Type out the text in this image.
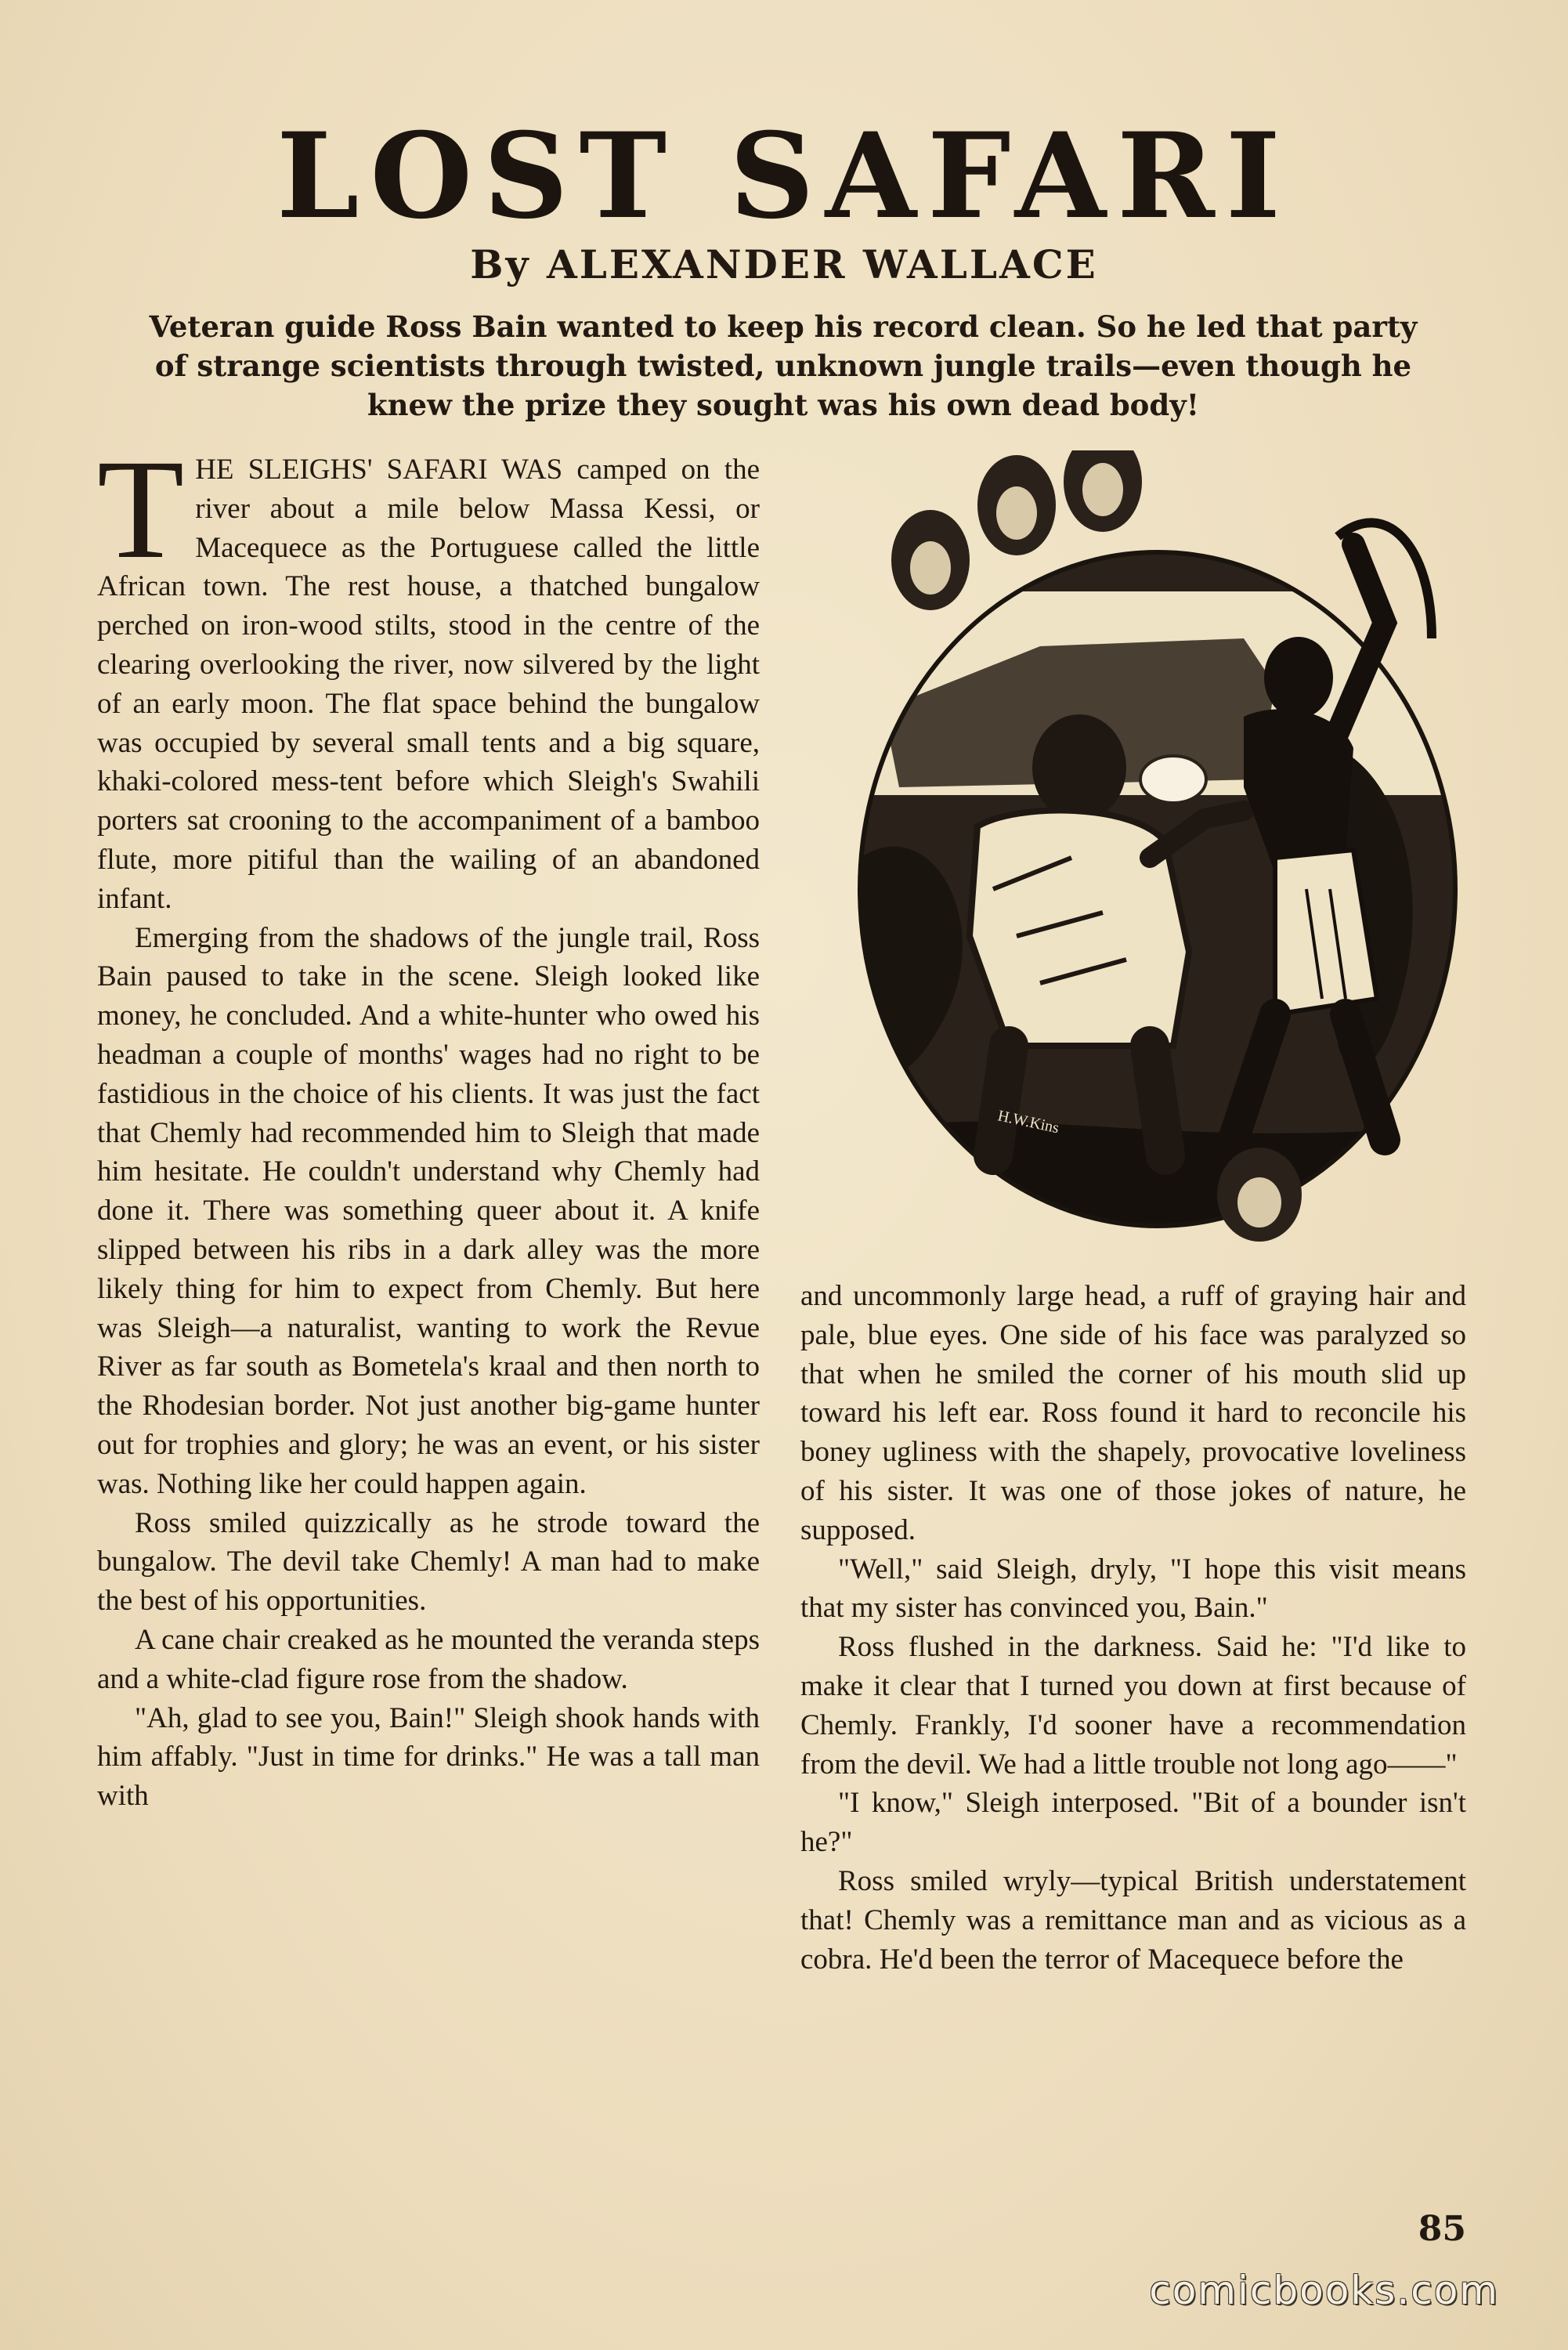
LOST SAFARI
By ALEXANDER WALLACE
Veteran guide Ross Bain wanted to keep his record clean. So he led that party of strange scientists through twisted, unknown jungle trails—even though he knew the prize they sought was his own dead body!

THE SLEIGHS' SAFARI WAS camped on the river about a mile below Massa Kessi, or Macequece as the Portuguese called the little African town. The rest house, a thatched bungalow perched on iron-wood stilts, stood in the centre of the clearing overlooking the river, now silvered by the light of an early moon. The flat space behind the bungalow was occupied by several small tents and a big square, khaki-colored mess-tent before which Sleigh's Swahili porters sat crooning to the accompaniment of a bamboo flute, more pitiful than the wailing of an abandoned infant.

Emerging from the shadows of the jungle trail, Ross Bain paused to take in the scene. Sleigh looked like money, he concluded. And a white-hunter who owed his headman a couple of months' wages had no right to be fastidious in the choice of his clients. It was just the fact that Chemly had recommended him to Sleigh that made him hesitate. He couldn't understand why Chemly had done it. There was something queer about it. A knife slipped between his ribs in a dark alley was the more likely thing for him to expect from Chemly. But here was Sleigh—a naturalist, wanting to work the Revue River as far south as Bometela's kraal and then north to the Rhodesian border. Not just another big-game hunter out for trophies and glory; he was an event, or his sister was. Nothing like her could happen again.

Ross smiled quizzically as he strode toward the bungalow. The devil take Chemly! A man had to make the best of his opportunities.

A cane chair creaked as he mounted the veranda steps and a white-clad figure rose from the shadow.

"Ah, glad to see you, Bain!" Sleigh shook hands with him affably. "Just in time for drinks." He was a tall man with

H.W.Kins

and uncommonly large head, a ruff of graying hair and pale, blue eyes. One side of his face was paralyzed so that when he smiled the corner of his mouth slid up toward his left ear. Ross found it hard to reconcile his boney ugliness with the shapely, provocative loveliness of his sister. It was one of those jokes of nature, he supposed.

"Well," said Sleigh, dryly, "I hope this visit means that my sister has convinced you, Bain."

Ross flushed in the darkness. Said he: "I'd like to make it clear that I turned you down at first because of Chemly. Frankly, I'd sooner have a recommendation from the devil. We had a little trouble not long ago——"

"I know," Sleigh interposed. "Bit of a bounder isn't he?"

Ross smiled wryly—typical British understatement that! Chemly was a remittance man and as vicious as a cobra. He'd been the terror of Macequece before the

85
comicbooks.com
